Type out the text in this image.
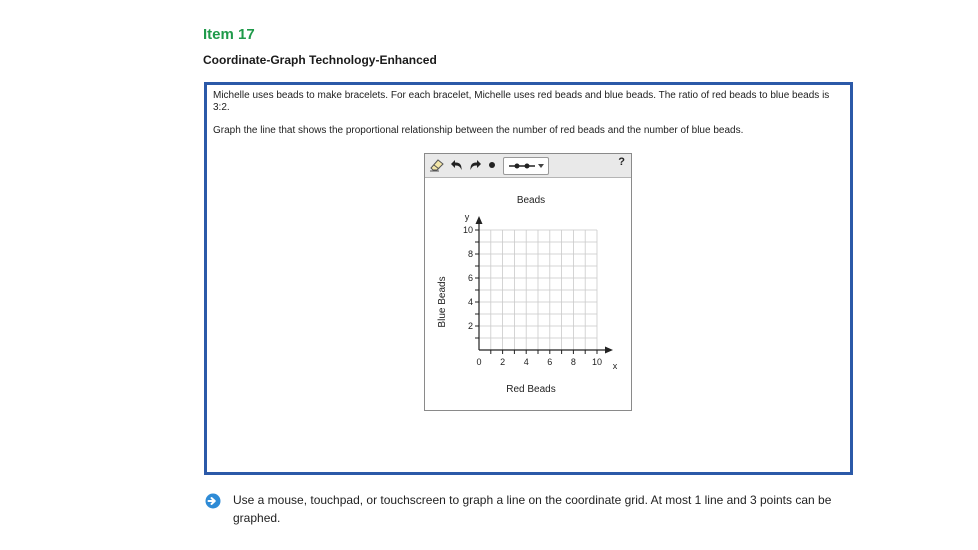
Item 17
Coordinate-Graph Technology-Enhanced

Michelle uses beads to make bracelets. For each bracelet, Michelle uses red beads and blue beads. The ratio of red beads to blue beads is 3:2.

Graph the line that shows the proportional relationship between the number of red beads and the number of blue beads.

?
Beads
y
x
Red Beads
Blue Beads
0 2 4 6 8 10
2
4
6
8
10
Use a mouse, touchpad, or touchscreen to graph a line on the coordinate grid. At most 1 line and 3 points can be graphed.
